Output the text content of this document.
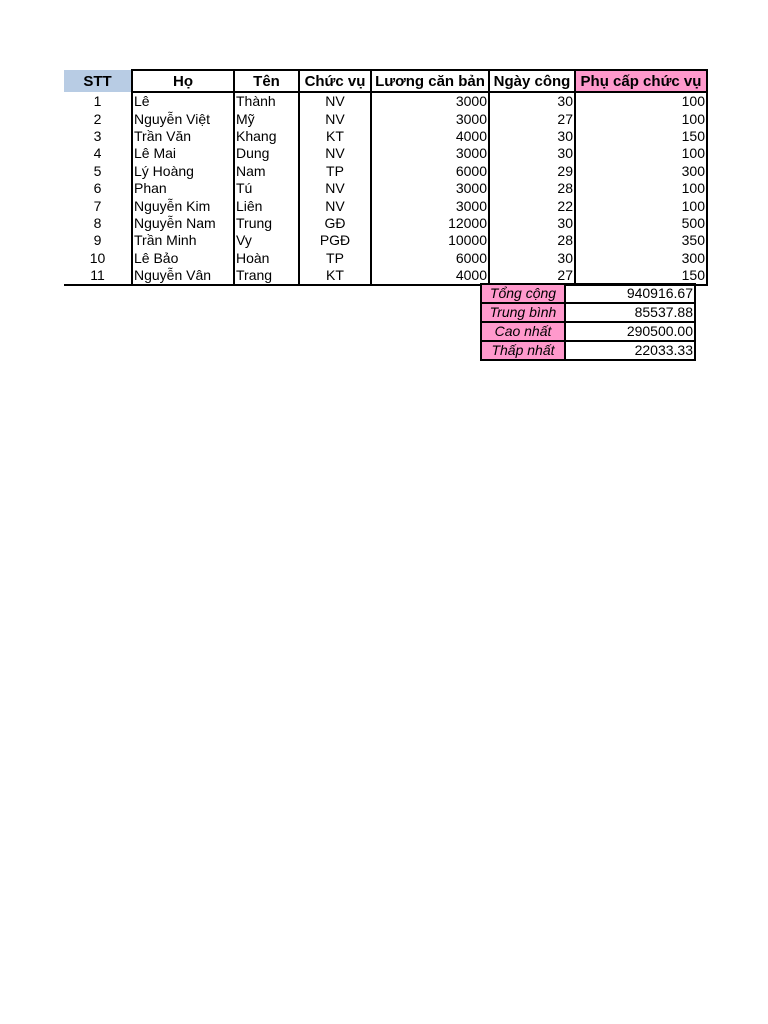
STT	Họ	Tên	Chức vụ	Lương căn bản	Ngày công	Phụ cấp chức vụ
1	Lê	Thành	NV	3000	30	100
2	Nguyễn Việt	Mỹ	NV	3000	27	100
3	Trần Văn	Khang	KT	4000	30	150
4	Lê Mai	Dung	NV	3000	30	100
5	Lý Hoàng	Nam	TP	6000	29	300
6	Phan	Tú	NV	3000	28	100
7	Nguyễn Kim	Liên	NV	3000	22	100
8	Nguyễn Nam	Trung	GĐ	12000	30	500
9	Trần Minh	Vy	PGĐ	10000	28	350
10	Lê Bảo	Hoàn	TP	6000	30	300
11	Nguyễn Vân	Trang	KT	4000	27	150
Tổng cộng	940916.67
Trung bình	85537.88
Cao nhất	290500.00
Thấp nhất	22033.33
